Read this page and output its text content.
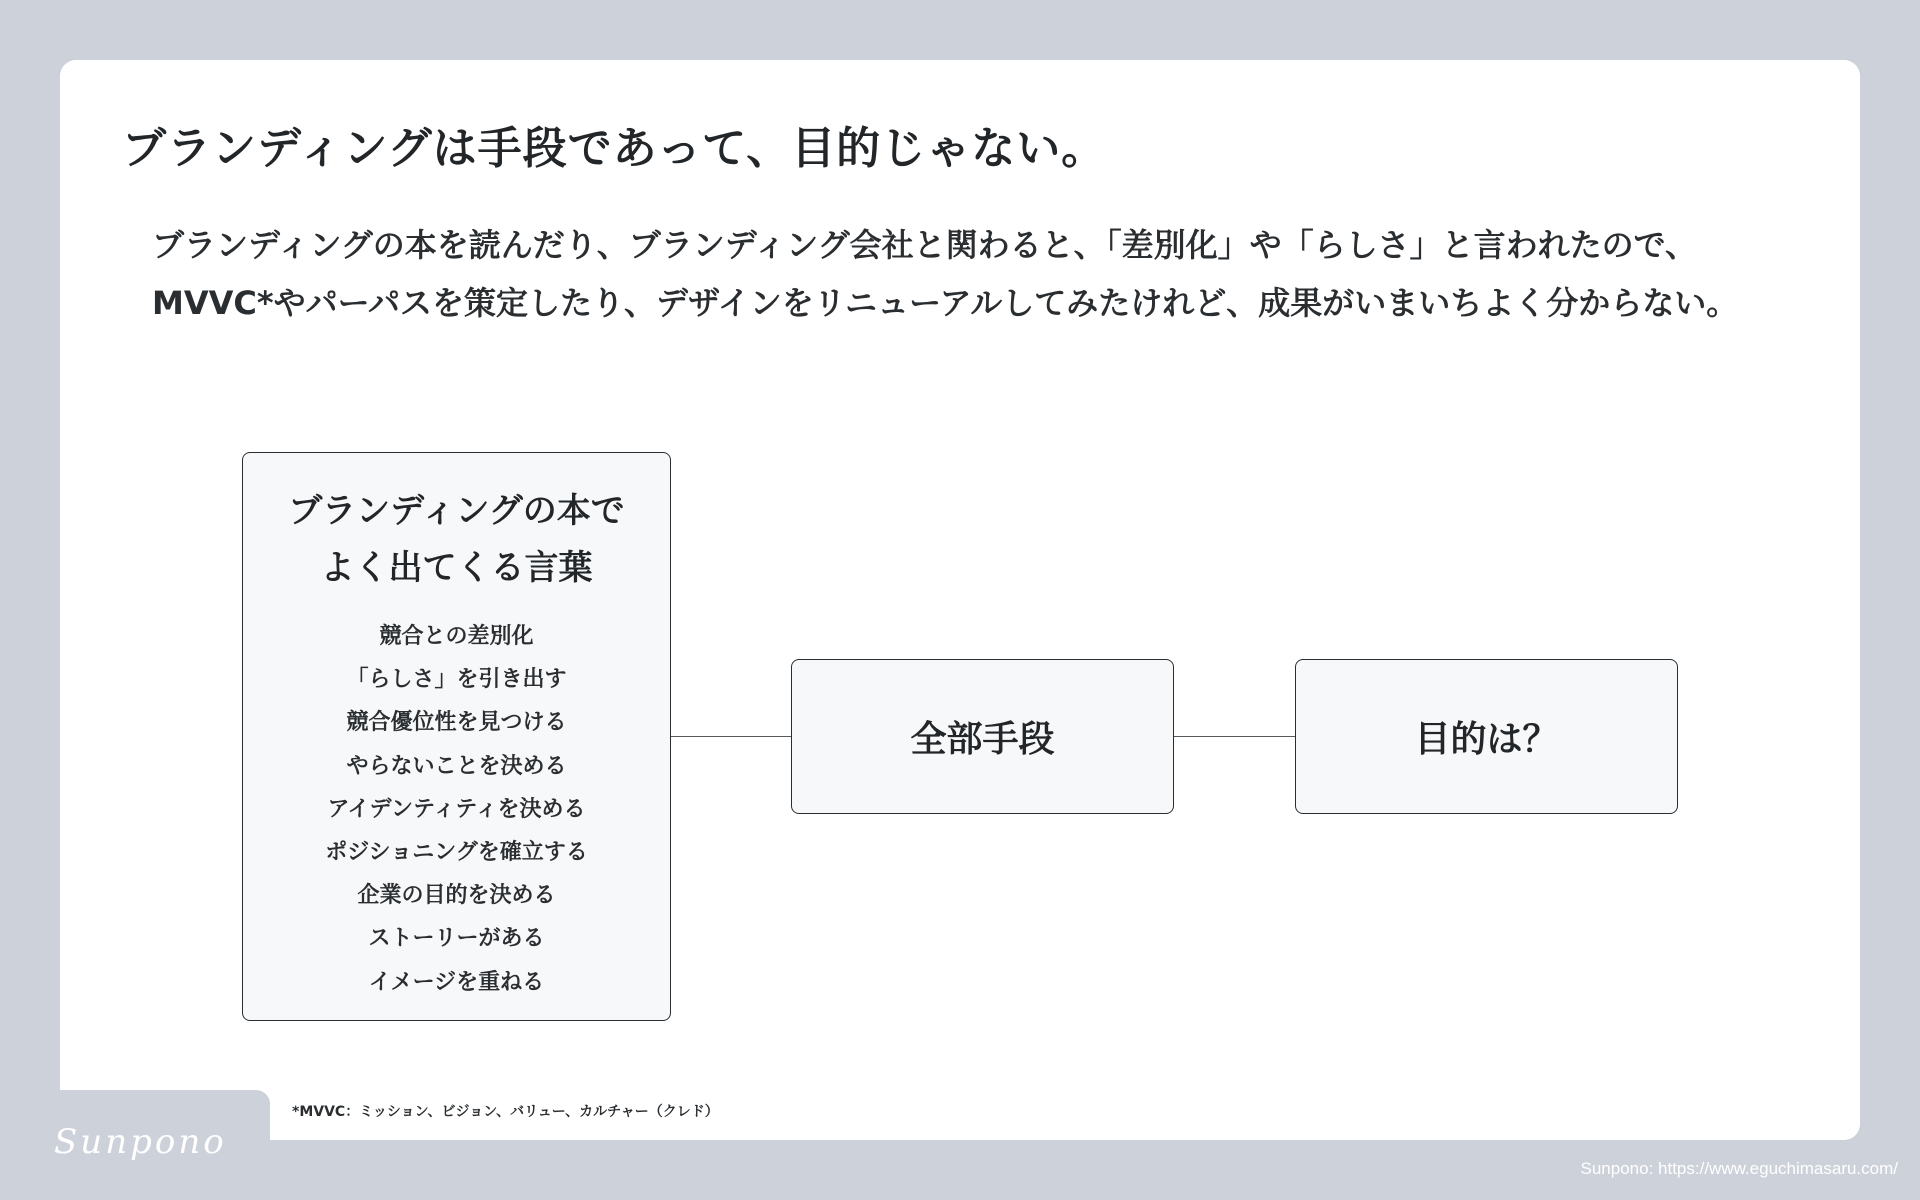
ブランディングは手段であって、目的じゃない。

ブランディングの本を読んだり、ブランディング会社と関わると、「差別化」や「らしさ」と言われたので、MVVC*やパーパスを策定したり、デザインをリニューアルしてみたけれど、成果がいまいちよく分からない。

ブランディングの本で
よく出てくる言葉
競合との差別化
「らしさ」を引き出す
競合優位性を見つける
やらないことを決める
アイデンティティを決める
ポジショニングを確立する
企業の目的を決める
ストーリーがある
イメージを重ねる
全部手段	目的は？
Sunpono
*MVVC：ミッション、ビジョン、バリュー、カルチャー（クレド）
Sunpono: https://www.eguchimasaru.com/
